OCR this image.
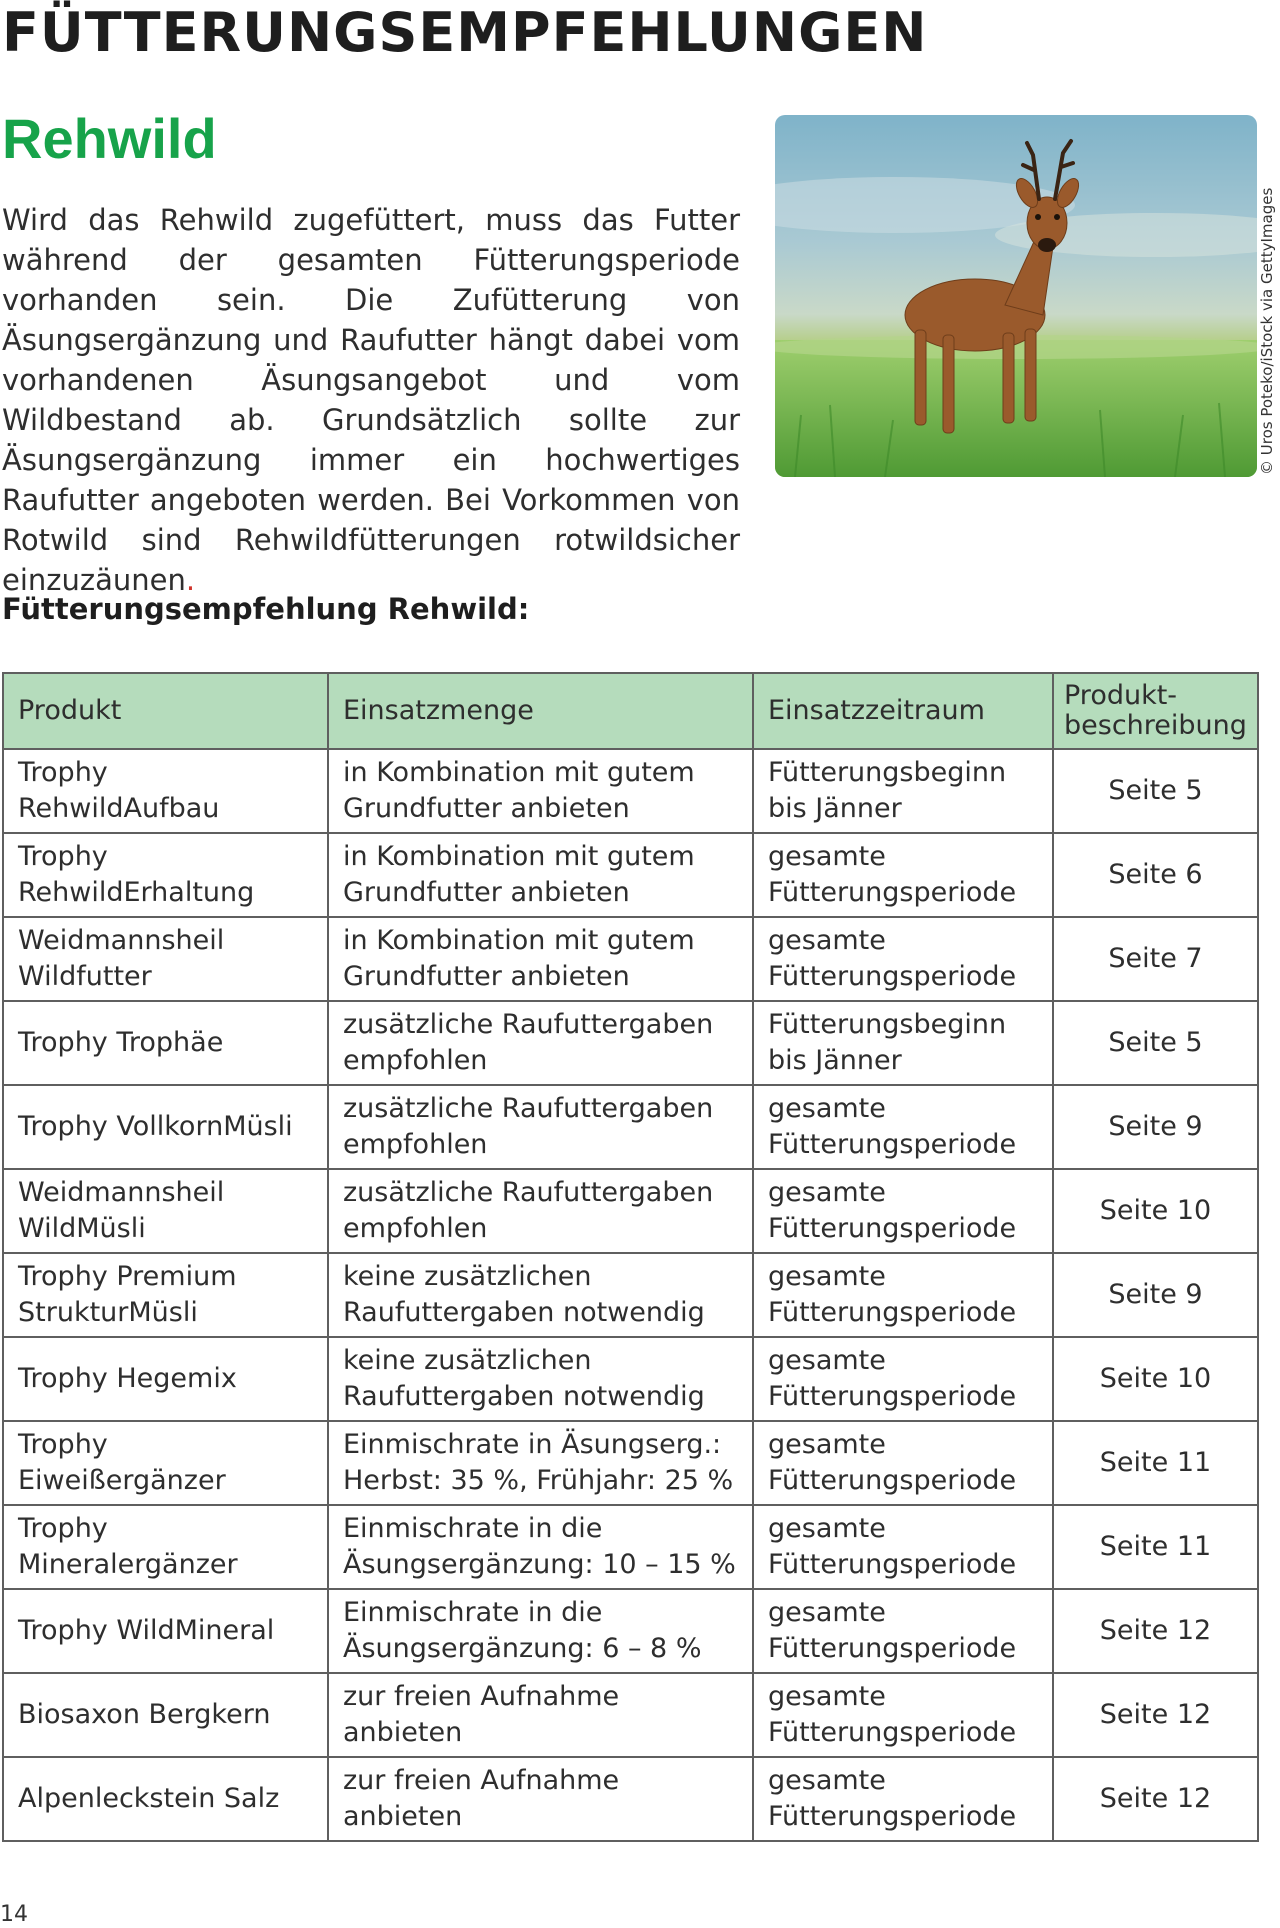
FÜTTERUNGSEMPFEHLUNGEN
Rehwild

Wird das Rehwild zugefüttert, muss das Futter während der gesamten Fütterungsperiode vorhanden sein. Die Zufütterung von Äsungsergänzung und Raufutter hängt dabei vom vorhandenen Äsungsangebot und vom Wildbestand ab. Grundsätzlich sollte zur Äsungsergänzung immer ein hochwertiges Raufutter angeboten werden. Bei Vorkommen von Rotwild sind Rehwildfütterungen rotwildsicher einzuzäunen.

© Uros Poteko/iStock via GettyImages
Fütterungsempfehlung Rehwild:
Produkt	Einsatzmenge	Einsatzzeitraum	Produkt-
beschreibung
Trophy RehwildAufbau	in Kombination mit gutem Grundfutter anbieten	Fütterungsbeginn bis Jänner	Seite 5
Trophy RehwildErhaltung	in Kombination mit gutem Grundfutter anbieten	gesamte Fütterungsperiode	Seite 6
Weidmannsheil Wildfutter	in Kombination mit gutem Grundfutter anbieten	gesamte Fütterungsperiode	Seite 7
Trophy Trophäe	zusätzliche Raufuttergaben empfohlen	Fütterungsbeginn bis Jänner	Seite 5
Trophy VollkornMüsli	zusätzliche Raufuttergaben empfohlen	gesamte Fütterungsperiode	Seite 9
Weidmannsheil WildMüsli	zusätzliche Raufuttergaben empfohlen	gesamte Fütterungsperiode	Seite 10
Trophy Premium StrukturMüsli	keine zusätzlichen Raufuttergaben notwendig	gesamte Fütterungsperiode	Seite 9
Trophy Hegemix	keine zusätzlichen Raufuttergaben notwendig	gesamte Fütterungsperiode	Seite 10
Trophy Eiweißergänzer	Einmischrate in Äsungserg.: Herbst: 35 %, Frühjahr: 25 %	gesamte Fütterungsperiode	Seite 11
Trophy Mineralergänzer	Einmischrate in die Äsungsergänzung: 10 – 15 %	gesamte Fütterungsperiode	Seite 11
Trophy WildMineral	Einmischrate in die Äsungsergänzung: 6 – 8 %	gesamte Fütterungsperiode	Seite 12
Biosaxon Bergkern	zur freien Aufnahme anbieten	gesamte Fütterungsperiode	Seite 12
Alpenleckstein Salz	zur freien Aufnahme anbieten	gesamte Fütterungsperiode	Seite 12
14
